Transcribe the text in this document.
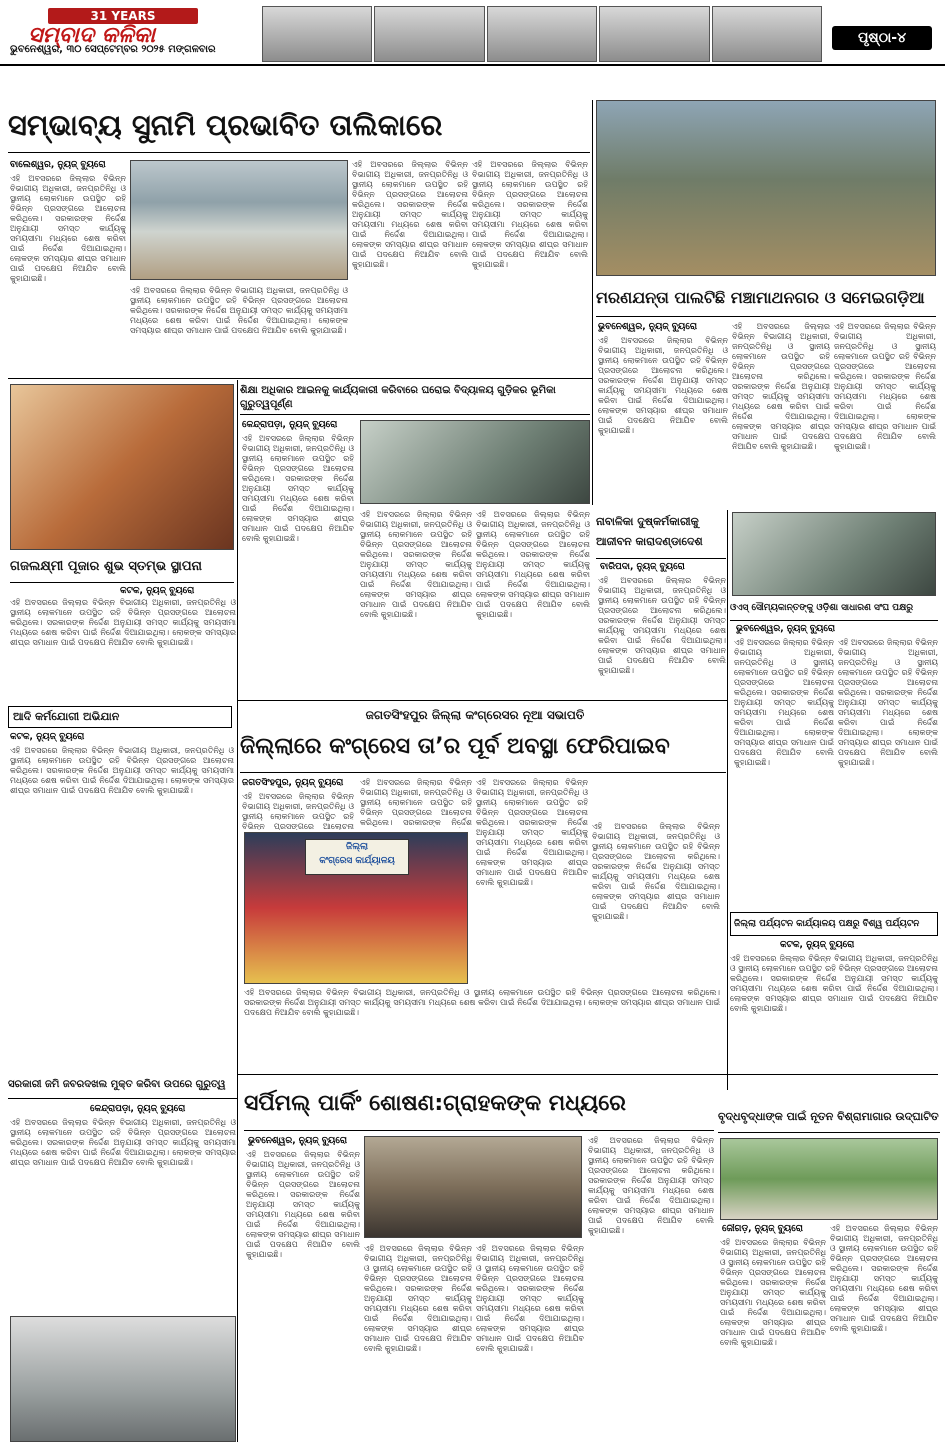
31 YEARS
ସମ୍ବାଦ କଳିକା
ଭୁବନେଶ୍ୱର, ୩୦ ସେପ୍ଟେମ୍ବର ୨୦୨୫ ମଙ୍ଗଳବାର
ପୃଷ୍ଠା-୪
ସମ୍ଭାବ୍ୟ ସୁନାମି ପ୍ରଭାବିତ ତାଲିକାରେ
ବାଲେଶ୍ୱର, ନ୍ୟୁଜ୍ ବ୍ୟୁରୋ
ଏହି ଅବସରରେ ଜିଲ୍ଲାର ବିଭିନ୍ନ ବିଭାଗୀୟ ଅଧିକାରୀ, ଜନପ୍ରତିନିଧି ଓ ସ୍ଥାନୀୟ ଲୋକମାନେ ଉପସ୍ଥିତ ରହି ବିଭିନ୍ନ ପ୍ରସଙ୍ଗରେ ଆଲୋଚନା କରିଥିଲେ। ସରକାରଙ୍କ ନିର୍ଦ୍ଦେଶ ଅନୁଯାୟୀ ସମସ୍ତ କାର୍ଯ୍ୟକୁ ସମୟସୀମା ମଧ୍ୟରେ ଶେଷ କରିବା ପାଇଁ ନିର୍ଦ୍ଦେଶ ଦିଆଯାଇଥିଲା। ଲୋକଙ୍କ ସମସ୍ୟାର ଶୀଘ୍ର ସମାଧାନ ପାଇଁ ପଦକ୍ଷେପ ନିଆଯିବ ବୋଲି କୁହାଯାଇଛି।
ଏହି ଅବସରରେ ଜିଲ୍ଲାର ବିଭିନ୍ନ ବିଭାଗୀୟ ଅଧିକାରୀ, ଜନପ୍ରତିନିଧି ଓ ସ୍ଥାନୀୟ ଲୋକମାନେ ଉପସ୍ଥିତ ରହି ବିଭିନ୍ନ ପ୍ରସଙ୍ଗରେ ଆଲୋଚନା କରିଥିଲେ। ସରକାରଙ୍କ ନିର୍ଦ୍ଦେଶ ଅନୁଯାୟୀ ସମସ୍ତ କାର୍ଯ୍ୟକୁ ସମୟସୀମା ମଧ୍ୟରେ ଶେଷ କରିବା ପାଇଁ ନିର୍ଦ୍ଦେଶ ଦିଆଯାଇଥିଲା। ଲୋକଙ୍କ ସମସ୍ୟାର ଶୀଘ୍ର ସମାଧାନ ପାଇଁ ପଦକ୍ଷେପ ନିଆଯିବ ବୋଲି କୁହାଯାଇଛି।
ଏହି ଅବସରରେ ଜିଲ୍ଲାର ବିଭିନ୍ନ ବିଭାଗୀୟ ଅଧିକାରୀ, ଜନପ୍ରତିନିଧି ଓ ସ୍ଥାନୀୟ ଲୋକମାନେ ଉପସ୍ଥିତ ରହି ବିଭିନ୍ନ ପ୍ରସଙ୍ଗରେ ଆଲୋଚନା କରିଥିଲେ। ସରକାରଙ୍କ ନିର୍ଦ୍ଦେଶ ଅନୁଯାୟୀ ସମସ୍ତ କାର୍ଯ୍ୟକୁ ସମୟସୀମା ମଧ୍ୟରେ ଶେଷ କରିବା ପାଇଁ ନିର୍ଦ୍ଦେଶ ଦିଆଯାଇଥିଲା। ଲୋକଙ୍କ ସମସ୍ୟାର ଶୀଘ୍ର ସମାଧାନ ପାଇଁ ପଦକ୍ଷେପ ନିଆଯିବ ବୋଲି କୁହାଯାଇଛି।
ଏହି ଅବସରରେ ଜିଲ୍ଲାର ବିଭିନ୍ନ ବିଭାଗୀୟ ଅଧିକାରୀ, ଜନପ୍ରତିନିଧି ଓ ସ୍ଥାନୀୟ ଲୋକମାନେ ଉପସ୍ଥିତ ରହି ବିଭିନ୍ନ ପ୍ରସଙ୍ଗରେ ଆଲୋଚନା କରିଥିଲେ। ସରକାରଙ୍କ ନିର୍ଦ୍ଦେଶ ଅନୁଯାୟୀ ସମସ୍ତ କାର୍ଯ୍ୟକୁ ସମୟସୀମା ମଧ୍ୟରେ ଶେଷ କରିବା ପାଇଁ ନିର୍ଦ୍ଦେଶ ଦିଆଯାଇଥିଲା। ଲୋକଙ୍କ ସମସ୍ୟାର ଶୀଘ୍ର ସମାଧାନ ପାଇଁ ପଦକ୍ଷେପ ନିଆଯିବ ବୋଲି କୁହାଯାଇଛି।
ମରଣଯନ୍ତା ପାଲଟିଛି ମଞ୍ଚାମାଥନଗର ଓ ସମେଇଗଡ଼ିଆ
ଭୁବନେଶ୍ୱର, ନ୍ୟୁଜ୍ ବ୍ୟୁରୋ
ଏହି ଅବସରରେ ଜିଲ୍ଲାର ବିଭିନ୍ନ ବିଭାଗୀୟ ଅଧିକାରୀ, ଜନପ୍ରତିନିଧି ଓ ସ୍ଥାନୀୟ ଲୋକମାନେ ଉପସ୍ଥିତ ରହି ବିଭିନ୍ନ ପ୍ରସଙ୍ଗରେ ଆଲୋଚନା କରିଥିଲେ। ସରକାରଙ୍କ ନିର୍ଦ୍ଦେଶ ଅନୁଯାୟୀ ସମସ୍ତ କାର୍ଯ୍ୟକୁ ସମୟସୀମା ମଧ୍ୟରେ ଶେଷ କରିବା ପାଇଁ ନିର୍ଦ୍ଦେଶ ଦିଆଯାଇଥିଲା। ଲୋକଙ୍କ ସମସ୍ୟାର ଶୀଘ୍ର ସମାଧାନ ପାଇଁ ପଦକ୍ଷେପ ନିଆଯିବ ବୋଲି କୁହାଯାଇଛି।
ଏହି ଅବସରରେ ଜିଲ୍ଲାର ବିଭିନ୍ନ ବିଭାଗୀୟ ଅଧିକାରୀ, ଜନପ୍ରତିନିଧି ଓ ସ୍ଥାନୀୟ ଲୋକମାନେ ଉପସ୍ଥିତ ରହି ବିଭିନ୍ନ ପ୍ରସଙ୍ଗରେ ଆଲୋଚନା କରିଥିଲେ। ସରକାରଙ୍କ ନିର୍ଦ୍ଦେଶ ଅନୁଯାୟୀ ସମସ୍ତ କାର୍ଯ୍ୟକୁ ସମୟସୀମା ମଧ୍ୟରେ ଶେଷ କରିବା ପାଇଁ ନିର୍ଦ୍ଦେଶ ଦିଆଯାଇଥିଲା। ଲୋକଙ୍କ ସମସ୍ୟାର ଶୀଘ୍ର ସମାଧାନ ପାଇଁ ପଦକ୍ଷେପ ନିଆଯିବ ବୋଲି କୁହାଯାଇଛି।
ଏହି ଅବସରରେ ଜିଲ୍ଲାର ବିଭିନ୍ନ ବିଭାଗୀୟ ଅଧିକାରୀ, ଜନପ୍ରତିନିଧି ଓ ସ୍ଥାନୀୟ ଲୋକମାନେ ଉପସ୍ଥିତ ରହି ବିଭିନ୍ନ ପ୍ରସଙ୍ଗରେ ଆଲୋଚନା କରିଥିଲେ। ସରକାରଙ୍କ ନିର୍ଦ୍ଦେଶ ଅନୁଯାୟୀ ସମସ୍ତ କାର୍ଯ୍ୟକୁ ସମୟସୀମା ମଧ୍ୟରେ ଶେଷ କରିବା ପାଇଁ ନିର୍ଦ୍ଦେଶ ଦିଆଯାଇଥିଲା। ଲୋକଙ୍କ ସମସ୍ୟାର ଶୀଘ୍ର ସମାଧାନ ପାଇଁ ପଦକ୍ଷେପ ନିଆଯିବ ବୋଲି କୁହାଯାଇଛି।
ଗଜଲକ୍ଷ୍ମୀ ପୂଜାର ଶୁଭ ସ୍ତମ୍ଭ ସ୍ଥାପନା
କଟକ, ନ୍ୟୁଜ୍ ବ୍ୟୁରୋ
ଏହି ଅବସରରେ ଜିଲ୍ଲାର ବିଭିନ୍ନ ବିଭାଗୀୟ ଅଧିକାରୀ, ଜନପ୍ରତିନିଧି ଓ ସ୍ଥାନୀୟ ଲୋକମାନେ ଉପସ୍ଥିତ ରହି ବିଭିନ୍ନ ପ୍ରସଙ୍ଗରେ ଆଲୋଚନା କରିଥିଲେ। ସରକାରଙ୍କ ନିର୍ଦ୍ଦେଶ ଅନୁଯାୟୀ ସମସ୍ତ କାର୍ଯ୍ୟକୁ ସମୟସୀମା ମଧ୍ୟରେ ଶେଷ କରିବା ପାଇଁ ନିର୍ଦ୍ଦେଶ ଦିଆଯାଇଥିଲା। ଲୋକଙ୍କ ସମସ୍ୟାର ଶୀଘ୍ର ସମାଧାନ ପାଇଁ ପଦକ୍ଷେପ ନିଆଯିବ ବୋଲି କୁହାଯାଇଛି।
ଶିକ୍ଷା ଅଧିକାର ଆଇନକୁ କାର୍ଯ୍ୟକାରୀ କରିବାରେ ଘରୋଇ ବିଦ୍ୟାଳୟ ଗୁଡ଼ିକର ଭୂମିକା ଗୁରୁତ୍ୱପୂର୍ଣ୍ଣ
କେନ୍ଦ୍ରାପଡ଼ା, ନ୍ୟୁଜ୍ ବ୍ୟୁରୋ
ଏହି ଅବସରରେ ଜିଲ୍ଲାର ବିଭିନ୍ନ ବିଭାଗୀୟ ଅଧିକାରୀ, ଜନପ୍ରତିନିଧି ଓ ସ୍ଥାନୀୟ ଲୋକମାନେ ଉପସ୍ଥିତ ରହି ବିଭିନ୍ନ ପ୍ରସଙ୍ଗରେ ଆଲୋଚନା କରିଥିଲେ। ସରକାରଙ୍କ ନିର୍ଦ୍ଦେଶ ଅନୁଯାୟୀ ସମସ୍ତ କାର୍ଯ୍ୟକୁ ସମୟସୀମା ମଧ୍ୟରେ ଶେଷ କରିବା ପାଇଁ ନିର୍ଦ୍ଦେଶ ଦିଆଯାଇଥିଲା। ଲୋକଙ୍କ ସମସ୍ୟାର ଶୀଘ୍ର ସମାଧାନ ପାଇଁ ପଦକ୍ଷେପ ନିଆଯିବ ବୋଲି କୁହାଯାଇଛି।
ଏହି ଅବସରରେ ଜିଲ୍ଲାର ବିଭିନ୍ନ ବିଭାଗୀୟ ଅଧିକାରୀ, ଜନପ୍ରତିନିଧି ଓ ସ୍ଥାନୀୟ ଲୋକମାନେ ଉପସ୍ଥିତ ରହି ବିଭିନ୍ନ ପ୍ରସଙ୍ଗରେ ଆଲୋଚନା କରିଥିଲେ। ସରକାରଙ୍କ ନିର୍ଦ୍ଦେଶ ଅନୁଯାୟୀ ସମସ୍ତ କାର୍ଯ୍ୟକୁ ସମୟସୀମା ମଧ୍ୟରେ ଶେଷ କରିବା ପାଇଁ ନିର୍ଦ୍ଦେଶ ଦିଆଯାଇଥିଲା। ଲୋକଙ୍କ ସମସ୍ୟାର ଶୀଘ୍ର ସମାଧାନ ପାଇଁ ପଦକ୍ଷେପ ନିଆଯିବ ବୋଲି କୁହାଯାଇଛି।
ଏହି ଅବସରରେ ଜିଲ୍ଲାର ବିଭିନ୍ନ ବିଭାଗୀୟ ଅଧିକାରୀ, ଜନପ୍ରତିନିଧି ଓ ସ୍ଥାନୀୟ ଲୋକମାନେ ଉପସ୍ଥିତ ରହି ବିଭିନ୍ନ ପ୍ରସଙ୍ଗରେ ଆଲୋଚନା କରିଥିଲେ। ସରକାରଙ୍କ ନିର୍ଦ୍ଦେଶ ଅନୁଯାୟୀ ସମସ୍ତ କାର୍ଯ୍ୟକୁ ସମୟସୀମା ମଧ୍ୟରେ ଶେଷ କରିବା ପାଇଁ ନିର୍ଦ୍ଦେଶ ଦିଆଯାଇଥିଲା। ଲୋକଙ୍କ ସମସ୍ୟାର ଶୀଘ୍ର ସମାଧାନ ପାଇଁ ପଦକ୍ଷେପ ନିଆଯିବ ବୋଲି କୁହାଯାଇଛି।
ନାବାଳିକା ଦୁଷ୍କର୍ମକାରୀକୁ ଆଜୀବନ କାରାଦଣ୍ଡାଦେଶ
ବାରିପଦା, ନ୍ୟୁଜ୍ ବ୍ୟୁରୋ
ଏହି ଅବସରରେ ଜିଲ୍ଲାର ବିଭିନ୍ନ ବିଭାଗୀୟ ଅଧିକାରୀ, ଜନପ୍ରତିନିଧି ଓ ସ୍ଥାନୀୟ ଲୋକମାନେ ଉପସ୍ଥିତ ରହି ବିଭିନ୍ନ ପ୍ରସଙ୍ଗରେ ଆଲୋଚନା କରିଥିଲେ। ସରକାରଙ୍କ ନିର୍ଦ୍ଦେଶ ଅନୁଯାୟୀ ସମସ୍ତ କାର୍ଯ୍ୟକୁ ସମୟସୀମା ମଧ୍ୟରେ ଶେଷ କରିବା ପାଇଁ ନିର୍ଦ୍ଦେଶ ଦିଆଯାଇଥିଲା। ଲୋକଙ୍କ ସମସ୍ୟାର ଶୀଘ୍ର ସମାଧାନ ପାଇଁ ପଦକ୍ଷେପ ନିଆଯିବ ବୋଲି କୁହାଯାଇଛି।
ଓଏସ୍ ସୌମ୍ୟକାନ୍ତଙ୍କୁ ଓଡ଼ିଶା ସାଧାରଣ ସଂଘ ପକ୍ଷରୁ
ଭୁବନେଶ୍ୱର, ନ୍ୟୁଜ୍ ବ୍ୟୁରୋ
ଏହି ଅବସରରେ ଜିଲ୍ଲାର ବିଭିନ୍ନ ବିଭାଗୀୟ ଅଧିକାରୀ, ଜନପ୍ରତିନିଧି ଓ ସ୍ଥାନୀୟ ଲୋକମାନେ ଉପସ୍ଥିତ ରହି ବିଭିନ୍ନ ପ୍ରସଙ୍ଗରେ ଆଲୋଚନା କରିଥିଲେ। ସରକାରଙ୍କ ନିର୍ଦ୍ଦେଶ ଅନୁଯାୟୀ ସମସ୍ତ କାର୍ଯ୍ୟକୁ ସମୟସୀମା ମଧ୍ୟରେ ଶେଷ କରିବା ପାଇଁ ନିର୍ଦ୍ଦେଶ ଦିଆଯାଇଥିଲା। ଲୋକଙ୍କ ସମସ୍ୟାର ଶୀଘ୍ର ସମାଧାନ ପାଇଁ ପଦକ୍ଷେପ ନିଆଯିବ ବୋଲି କୁହାଯାଇଛି।
ଏହି ଅବସରରେ ଜିଲ୍ଲାର ବିଭିନ୍ନ ବିଭାଗୀୟ ଅଧିକାରୀ, ଜନପ୍ରତିନିଧି ଓ ସ୍ଥାନୀୟ ଲୋକମାନେ ଉପସ୍ଥିତ ରହି ବିଭିନ୍ନ ପ୍ରସଙ୍ଗରେ ଆଲୋଚନା କରିଥିଲେ। ସରକାରଙ୍କ ନିର୍ଦ୍ଦେଶ ଅନୁଯାୟୀ ସମସ୍ତ କାର୍ଯ୍ୟକୁ ସମୟସୀମା ମଧ୍ୟରେ ଶେଷ କରିବା ପାଇଁ ନିର୍ଦ୍ଦେଶ ଦିଆଯାଇଥିଲା। ଲୋକଙ୍କ ସମସ୍ୟାର ଶୀଘ୍ର ସମାଧାନ ପାଇଁ ପଦକ୍ଷେପ ନିଆଯିବ ବୋଲି କୁହାଯାଇଛି।
ଆଦି କର୍ମଯୋଗୀ ଅଭିଯାନ
କଟକ, ନ୍ୟୁଜ୍ ବ୍ୟୁରୋ
ଏହି ଅବସରରେ ଜିଲ୍ଲାର ବିଭିନ୍ନ ବିଭାଗୀୟ ଅଧିକାରୀ, ଜନପ୍ରତିନିଧି ଓ ସ୍ଥାନୀୟ ଲୋକମାନେ ଉପସ୍ଥିତ ରହି ବିଭିନ୍ନ ପ୍ରସଙ୍ଗରେ ଆଲୋଚନା କରିଥିଲେ। ସରକାରଙ୍କ ନିର୍ଦ୍ଦେଶ ଅନୁଯାୟୀ ସମସ୍ତ କାର୍ଯ୍ୟକୁ ସମୟସୀମା ମଧ୍ୟରେ ଶେଷ କରିବା ପାଇଁ ନିର୍ଦ୍ଦେଶ ଦିଆଯାଇଥିଲା। ଲୋକଙ୍କ ସମସ୍ୟାର ଶୀଘ୍ର ସମାଧାନ ପାଇଁ ପଦକ୍ଷେପ ନିଆଯିବ ବୋଲି କୁହାଯାଇଛି।
ଜଗତସିଂହପୁର ଜିଲ୍ଲା କଂଗ୍ରେସର ନୂଆ ସଭାପତି
ଜିଲ୍ଲାରେ କଂଗ୍ରେସ ତା’ର ପୂର୍ବ ଅବସ୍ଥା ଫେରିପାଇବ
ଜଗତସିଂହପୁର, ନ୍ୟୁଜ୍ ବ୍ୟୁରୋ
ଏହି ଅବସରରେ ଜିଲ୍ଲାର ବିଭିନ୍ନ ବିଭାଗୀୟ ଅଧିକାରୀ, ଜନପ୍ରତିନିଧି ଓ ସ୍ଥାନୀୟ ଲୋକମାନେ ଉପସ୍ଥିତ ରହି ବିଭିନ୍ନ ପ୍ରସଙ୍ଗରେ ଆଲୋଚନା
ଜିଲ୍ଲା
କଂଗ୍ରେସ କାର୍ଯ୍ୟାଳୟ
ଏହି ଅବସରରେ ଜିଲ୍ଲାର ବିଭିନ୍ନ ବିଭାଗୀୟ ଅଧିକାରୀ, ଜନପ୍ରତିନିଧି ଓ ସ୍ଥାନୀୟ ଲୋକମାନେ ଉପସ୍ଥିତ ରହି ବିଭିନ୍ନ ପ୍ରସଙ୍ଗରେ ଆଲୋଚନା କରିଥିଲେ। ସରକାରଙ୍କ ନିର୍ଦ୍ଦେଶ
ଏହି ଅବସରରେ ଜିଲ୍ଲାର ବିଭିନ୍ନ ବିଭାଗୀୟ ଅଧିକାରୀ, ଜନପ୍ରତିନିଧି ଓ ସ୍ଥାନୀୟ ଲୋକମାନେ ଉପସ୍ଥିତ ରହି ବିଭିନ୍ନ ପ୍ରସଙ୍ଗରେ ଆଲୋଚନା କରିଥିଲେ। ସରକାରଙ୍କ ନିର୍ଦ୍ଦେଶ ଅନୁଯାୟୀ ସମସ୍ତ କାର୍ଯ୍ୟକୁ ସମୟସୀମା ମଧ୍ୟରେ ଶେଷ କରିବା ପାଇଁ ନିର୍ଦ୍ଦେଶ ଦିଆଯାଇଥିଲା। ଲୋକଙ୍କ ସମସ୍ୟାର ଶୀଘ୍ର ସମାଧାନ ପାଇଁ ପଦକ୍ଷେପ ନିଆଯିବ ବୋଲି କୁହାଯାଇଛି।
ଏହି ଅବସରରେ ଜିଲ୍ଲାର ବିଭିନ୍ନ ବିଭାଗୀୟ ଅଧିକାରୀ, ଜନପ୍ରତିନିଧି ଓ ସ୍ଥାନୀୟ ଲୋକମାନେ ଉପସ୍ଥିତ ରହି ବିଭିନ୍ନ ପ୍ରସଙ୍ଗରେ ଆଲୋଚନା କରିଥିଲେ। ସରକାରଙ୍କ ନିର୍ଦ୍ଦେଶ ଅନୁଯାୟୀ ସମସ୍ତ କାର୍ଯ୍ୟକୁ ସମୟସୀମା ମଧ୍ୟରେ ଶେଷ କରିବା ପାଇଁ ନିର୍ଦ୍ଦେଶ ଦିଆଯାଇଥିଲା। ଲୋକଙ୍କ ସମସ୍ୟାର ଶୀଘ୍ର ସମାଧାନ ପାଇଁ ପଦକ୍ଷେପ ନିଆଯିବ ବୋଲି କୁହାଯାଇଛି।
ଏହି ଅବସରରେ ଜିଲ୍ଲାର ବିଭିନ୍ନ ବିଭାଗୀୟ ଅଧିକାରୀ, ଜନପ୍ରତିନିଧି ଓ ସ୍ଥାନୀୟ ଲୋକମାନେ ଉପସ୍ଥିତ ରହି ବିଭିନ୍ନ ପ୍ରସଙ୍ଗରେ ଆଲୋଚନା କରିଥିଲେ। ସରକାରଙ୍କ ନିର୍ଦ୍ଦେଶ ଅନୁଯାୟୀ ସମସ୍ତ କାର୍ଯ୍ୟକୁ ସମୟସୀମା ମଧ୍ୟରେ ଶେଷ କରିବା ପାଇଁ ନିର୍ଦ୍ଦେଶ ଦିଆଯାଇଥିଲା। ଲୋକଙ୍କ ସମସ୍ୟାର ଶୀଘ୍ର ସମାଧାନ ପାଇଁ ପଦକ୍ଷେପ ନିଆଯିବ ବୋଲି କୁହାଯାଇଛି।
ଜିଲ୍ଲା ପର୍ଯ୍ୟଟନ କାର୍ଯ୍ୟାଳୟ ପକ୍ଷରୁ ବିଶ୍ୱ ପର୍ଯ୍ୟଟନ
କଟକ, ନ୍ୟୁଜ୍ ବ୍ୟୁରୋ
ଏହି ଅବସରରେ ଜିଲ୍ଲାର ବିଭିନ୍ନ ବିଭାଗୀୟ ଅଧିକାରୀ, ଜନପ୍ରତିନିଧି ଓ ସ୍ଥାନୀୟ ଲୋକମାନେ ଉପସ୍ଥିତ ରହି ବିଭିନ୍ନ ପ୍ରସଙ୍ଗରେ ଆଲୋଚନା କରିଥିଲେ। ସରକାରଙ୍କ ନିର୍ଦ୍ଦେଶ ଅନୁଯାୟୀ ସମସ୍ତ କାର୍ଯ୍ୟକୁ ସମୟସୀମା ମଧ୍ୟରେ ଶେଷ କରିବା ପାଇଁ ନିର୍ଦ୍ଦେଶ ଦିଆଯାଇଥିଲା। ଲୋକଙ୍କ ସମସ୍ୟାର ଶୀଘ୍ର ସମାଧାନ ପାଇଁ ପଦକ୍ଷେପ ନିଆଯିବ ବୋଲି କୁହାଯାଇଛି।
ସରକାରୀ ଜମି ଜବରଦଖଲ ମୁକ୍ତ କରିବା ଉପରେ ଗୁରୁତ୍ୱ
କେନ୍ଦ୍ରାପଡ଼ା, ନ୍ୟୁଜ୍ ବ୍ୟୁରୋ
ଏହି ଅବସରରେ ଜିଲ୍ଲାର ବିଭିନ୍ନ ବିଭାଗୀୟ ଅଧିକାରୀ, ଜନପ୍ରତିନିଧି ଓ ସ୍ଥାନୀୟ ଲୋକମାନେ ଉପସ୍ଥିତ ରହି ବିଭିନ୍ନ ପ୍ରସଙ୍ଗରେ ଆଲୋଚନା କରିଥିଲେ। ସରକାରଙ୍କ ନିର୍ଦ୍ଦେଶ ଅନୁଯାୟୀ ସମସ୍ତ କାର୍ଯ୍ୟକୁ ସମୟସୀମା ମଧ୍ୟରେ ଶେଷ କରିବା ପାଇଁ ନିର୍ଦ୍ଦେଶ ଦିଆଯାଇଥିଲା। ଲୋକଙ୍କ ସମସ୍ୟାର ଶୀଘ୍ର ସମାଧାନ ପାଇଁ ପଦକ୍ଷେପ ନିଆଯିବ ବୋଲି କୁହାଯାଇଛି।
ସର୍ପିମଲ୍ ପାର୍କିଂ ଶୋଷଣ:ଗ୍ରାହକଙ୍କ ମଧ୍ୟରେ
ଭୁବନେଶ୍ୱର, ନ୍ୟୁଜ୍ ବ୍ୟୁରୋ
ଏହି ଅବସରରେ ଜିଲ୍ଲାର ବିଭିନ୍ନ ବିଭାଗୀୟ ଅଧିକାରୀ, ଜନପ୍ରତିନିଧି ଓ ସ୍ଥାନୀୟ ଲୋକମାନେ ଉପସ୍ଥିତ ରହି ବିଭିନ୍ନ ପ୍ରସଙ୍ଗରେ ଆଲୋଚନା କରିଥିଲେ। ସରକାରଙ୍କ ନିର୍ଦ୍ଦେଶ ଅନୁଯାୟୀ ସମସ୍ତ କାର୍ଯ୍ୟକୁ ସମୟସୀମା ମଧ୍ୟରେ ଶେଷ କରିବା ପାଇଁ ନିର୍ଦ୍ଦେଶ ଦିଆଯାଇଥିଲା। ଲୋକଙ୍କ ସମସ୍ୟାର ଶୀଘ୍ର ସମାଧାନ ପାଇଁ ପଦକ୍ଷେପ ନିଆଯିବ ବୋଲି କୁହାଯାଇଛି।
ଏହି ଅବସରରେ ଜିଲ୍ଲାର ବିଭିନ୍ନ ବିଭାଗୀୟ ଅଧିକାରୀ, ଜନପ୍ରତିନିଧି ଓ ସ୍ଥାନୀୟ ଲୋକମାନେ ଉପସ୍ଥିତ ରହି ବିଭିନ୍ନ ପ୍ରସଙ୍ଗରେ ଆଲୋଚନା କରିଥିଲେ। ସରକାରଙ୍କ ନିର୍ଦ୍ଦେଶ ଅନୁଯାୟୀ ସମସ୍ତ କାର୍ଯ୍ୟକୁ ସମୟସୀମା ମଧ୍ୟରେ ଶେଷ କରିବା ପାଇଁ ନିର୍ଦ୍ଦେଶ ଦିଆଯାଇଥିଲା। ଲୋକଙ୍କ ସମସ୍ୟାର ଶୀଘ୍ର ସମାଧାନ ପାଇଁ ପଦକ୍ଷେପ ନିଆଯିବ ବୋଲି କୁହାଯାଇଛି।
ଏହି ଅବସରରେ ଜିଲ୍ଲାର ବିଭିନ୍ନ ବିଭାଗୀୟ ଅଧିକାରୀ, ଜନପ୍ରତିନିଧି ଓ ସ୍ଥାନୀୟ ଲୋକମାନେ ଉପସ୍ଥିତ ରହି ବିଭିନ୍ନ ପ୍ରସଙ୍ଗରେ ଆଲୋଚନା କରିଥିଲେ। ସରକାରଙ୍କ ନିର୍ଦ୍ଦେଶ ଅନୁଯାୟୀ ସମସ୍ତ କାର୍ଯ୍ୟକୁ ସମୟସୀମା ମଧ୍ୟରେ ଶେଷ କରିବା ପାଇଁ ନିର୍ଦ୍ଦେଶ ଦିଆଯାଇଥିଲା। ଲୋକଙ୍କ ସମସ୍ୟାର ଶୀଘ୍ର ସମାଧାନ ପାଇଁ ପଦକ୍ଷେପ ନିଆଯିବ ବୋଲି କୁହାଯାଇଛି।
ଏହି ଅବସରରେ ଜିଲ୍ଲାର ବିଭିନ୍ନ ବିଭାଗୀୟ ଅଧିକାରୀ, ଜନପ୍ରତିନିଧି ଓ ସ୍ଥାନୀୟ ଲୋକମାନେ ଉପସ୍ଥିତ ରହି ବିଭିନ୍ନ ପ୍ରସଙ୍ଗରେ ଆଲୋଚନା କରିଥିଲେ। ସରକାରଙ୍କ ନିର୍ଦ୍ଦେଶ ଅନୁଯାୟୀ ସମସ୍ତ କାର୍ଯ୍ୟକୁ ସମୟସୀମା ମଧ୍ୟରେ ଶେଷ କରିବା ପାଇଁ ନିର୍ଦ୍ଦେଶ ଦିଆଯାଇଥିଲା। ଲୋକଙ୍କ ସମସ୍ୟାର ଶୀଘ୍ର ସମାଧାନ ପାଇଁ ପଦକ୍ଷେପ ନିଆଯିବ ବୋଲି କୁହାଯାଇଛି।
ବୃଦ୍ଧବୃଦ୍ଧାଙ୍କ ପାଇଁ ନୂତନ ବିଶ୍ରାମାଗାର ଉଦ୍‌ଘାଟିତ
ଜୌଗଡ଼, ନ୍ୟୁଜ୍ ବ୍ୟୁରୋ
ଏହି ଅବସରରେ ଜିଲ୍ଲାର ବିଭିନ୍ନ ବିଭାଗୀୟ ଅଧିକାରୀ, ଜନପ୍ରତିନିଧି ଓ ସ୍ଥାନୀୟ ଲୋକମାନେ ଉପସ୍ଥିତ ରହି ବିଭିନ୍ନ ପ୍ରସଙ୍ଗରେ ଆଲୋଚନା କରିଥିଲେ। ସରକାରଙ୍କ ନିର୍ଦ୍ଦେଶ ଅନୁଯାୟୀ ସମସ୍ତ କାର୍ଯ୍ୟକୁ ସମୟସୀମା ମଧ୍ୟରେ ଶେଷ କରିବା ପାଇଁ ନିର୍ଦ୍ଦେଶ ଦିଆଯାଇଥିଲା। ଲୋକଙ୍କ ସମସ୍ୟାର ଶୀଘ୍ର ସମାଧାନ ପାଇଁ ପଦକ୍ଷେପ ନିଆଯିବ ବୋଲି କୁହାଯାଇଛି।
ଏହି ଅବସରରେ ଜିଲ୍ଲାର ବିଭିନ୍ନ ବିଭାଗୀୟ ଅଧିକାରୀ, ଜନପ୍ରତିନିଧି ଓ ସ୍ଥାନୀୟ ଲୋକମାନେ ଉପସ୍ଥିତ ରହି ବିଭିନ୍ନ ପ୍ରସଙ୍ଗରେ ଆଲୋଚନା କରିଥିଲେ। ସରକାରଙ୍କ ନିର୍ଦ୍ଦେଶ ଅନୁଯାୟୀ ସମସ୍ତ କାର୍ଯ୍ୟକୁ ସମୟସୀମା ମଧ୍ୟରେ ଶେଷ କରିବା ପାଇଁ ନିର୍ଦ୍ଦେଶ ଦିଆଯାଇଥିଲା। ଲୋକଙ୍କ ସମସ୍ୟାର ଶୀଘ୍ର ସମାଧାନ ପାଇଁ ପଦକ୍ଷେପ ନିଆଯିବ ବୋଲି କୁହାଯାଇଛି।
